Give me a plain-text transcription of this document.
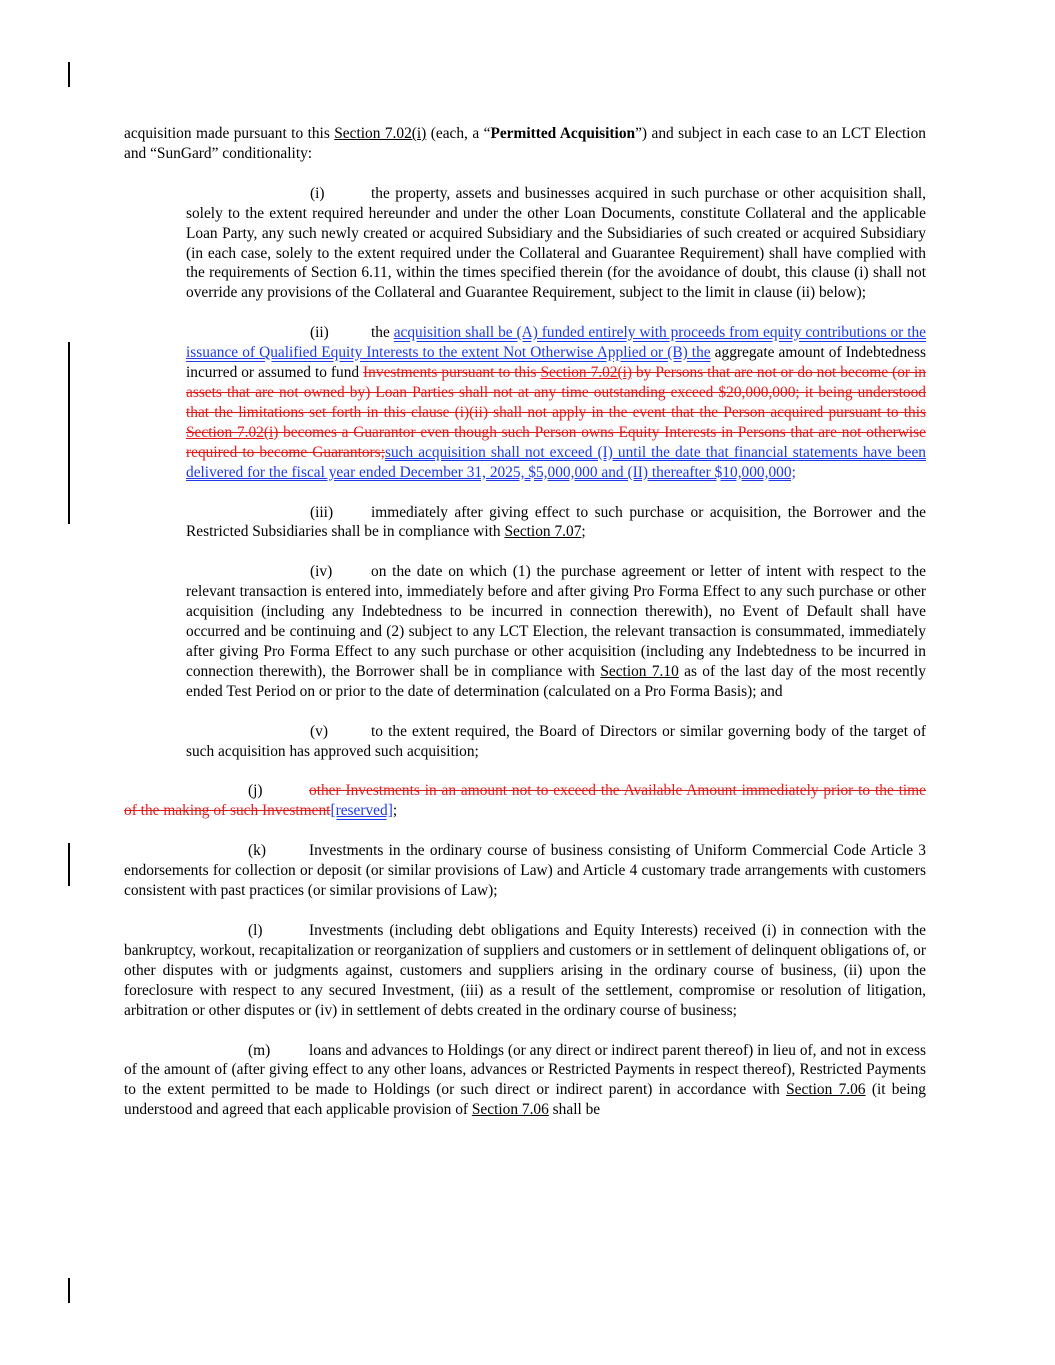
acquisition made pursuant to this Section 7.02(i) (each, a “Permitted Acquisition”) and subject in each case to an LCT Election and “SunGard” conditionality:

(i)	the property, assets and businesses acquired in such purchase or other acquisition shall, solely to the extent required hereunder and under the other Loan Documents, constitute Collateral and the applicable Loan Party, any such newly created or acquired Subsidiary and the Subsidiaries of such created or acquired Subsidiary (in each case, solely to the extent required under the Collateral and Guarantee Requirement) shall have complied with the requirements of Section 6.11, within the times specified therein (for the avoidance of doubt, this clause (i) shall not override any provisions of the Collateral and Guarantee Requirement, subject to the limit in clause (ii) below);

(ii)	the acquisition shall be (A) funded entirely with proceeds from equity contributions or the issuance of Qualified Equity Interests to the extent Not Otherwise Applied or (B) the aggregate amount of Indebtedness incurred or assumed to fund Investments pursuant to this Section 7.02(i) by Persons that are not or do not become (or in assets that are not owned by) Loan Parties shall not at any time outstanding exceed $20,000,000; it being understood that the limitations set forth in this clause (i)(ii) shall not apply in the event that the Person acquired pursuant to this Section 7.02(i) becomes a Guarantor even though such Person owns Equity Interests in Persons that are not otherwise required to become Guarantors;such acquisition shall not exceed (I) until the date that financial statements have been delivered for the fiscal year ended December 31, 2025, $5,000,000 and (II) thereafter $10,000,000;

(iii) immediately after giving effect to such purchase or acquisition, the Borrower and the Restricted Subsidiaries shall be in compliance with Section 7.07;

(iv)	on the date on which (1) the purchase agreement or letter of intent with respect to the relevant transaction is entered into, immediately before and after giving Pro Forma Effect to any such purchase or other acquisition (including any Indebtedness to be incurred in connection therewith), no Event of Default shall have occurred and be continuing and (2) subject to any LCT Election, the relevant transaction is consummated, immediately after giving Pro Forma Effect to any such purchase or other acquisition (including any Indebtedness to be incurred in connection therewith), the Borrower shall be in compliance with Section 7.10 as of the last day of the most recently ended Test Period on or prior to the date of determination (calculated on a Pro Forma Basis); and

(v)	to the extent required, the Board of Directors or similar governing body of the target of such acquisition has approved such acquisition;

(j)	other Investments in an amount not to exceed the Available Amount immediately prior to the time of the making of such Investment[reserved];

(k)	Investments in the ordinary course of business consisting of Uniform Commercial Code Article 3 endorsements for collection or deposit (or similar provisions of Law) and Article 4 customary trade arrangements with customers consistent with past practices (or similar provisions of Law);

(l)	Investments (including debt obligations and Equity Interests) received (i) in connection with the bankruptcy, workout, recapitalization or reorganization of suppliers and customers or in settlement of delinquent obligations of, or other disputes with or judgments against, customers and suppliers arising in the ordinary course of business, (ii) upon the foreclosure with respect to any secured Investment, (iii) as a result of the settlement, compromise or resolution of litigation, arbitration or other disputes or (iv) in settlement of debts created in the ordinary course of business;

(m)	loans and advances to Holdings (or any direct or indirect parent thereof) in lieu of, and not in excess of the amount of (after giving effect to any other loans, advances or Restricted Payments in respect thereof), Restricted Payments to the extent permitted to be made to Holdings (or such direct or indirect parent) in accordance with Section 7.06 (it being understood and agreed that each applicable provision of Section 7.06 shall be
